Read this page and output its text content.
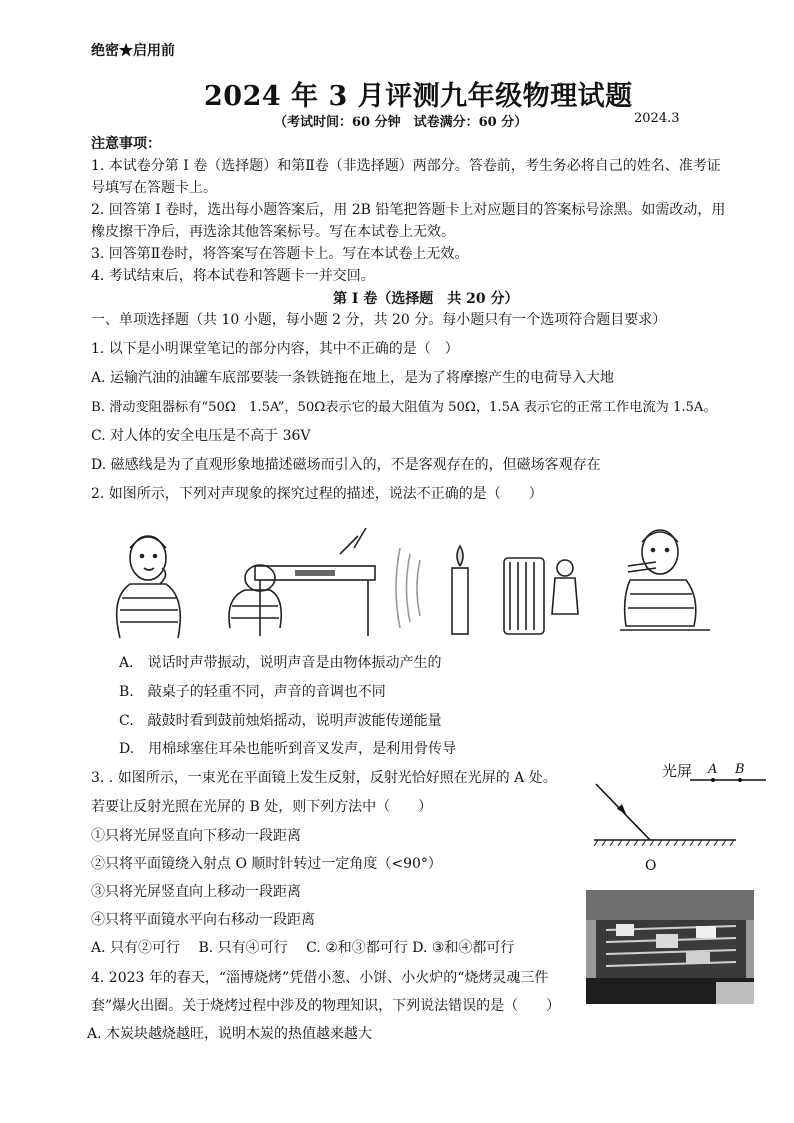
绝密★启用前
2024 年 3 月评测九年级物理试题
（考试时间：60 分钟　试卷满分：60 分）	2024.3
注意事项：
1. 本试卷分第 I 卷（选择题）和第Ⅱ卷（非选择题）两部分。答卷前，考生务必将自己的姓名、准考证
号填写在答题卡上。
2. 回答第 I 卷时，选出每小题答案后，用 2B 铅笔把答题卡上对应题目的答案标号涂黑。如需改动，用
橡皮擦干净后，再选涂其他答案标号。写在本试卷上无效。
3. 回答第Ⅱ卷时，将答案写在答题卡上。写在本试卷上无效。
4. 考试结束后，将本试卷和答题卡一并交回。
第 I 卷（选择题　共 20 分）
一、单项选择题（共 10 小题，每小题 2 分，共 20 分。每小题只有一个选项符合题目要求）
1. 以下是小明课堂笔记的部分内容，其中不正确的是（　）
A. 运输汽油的油罐车底部要装一条铁链拖在地上，是为了将摩擦产生的电荷导入大地
B. 滑动变阻器标有“50Ω　1.5A”，50Ω表示它的最大阻值为 50Ω，1.5A 表示它的正常工作电流为 1.5A。
C. 对人体的安全电压是不高于 36V
D. 磁感线是为了直观形象地描述磁场而引入的，不是客观存在的，但磁场客观存在
2. 如图所示，下列对声现象的探究过程的描述，说法不正确的是（　　）
A.　说话时声带振动，说明声音是由物体振动产生的
B.　敲桌子的轻重不同，声音的音调也不同
C.　敲鼓时看到鼓前烛焰摇动，说明声波能传递能量
D.　用棉球塞住耳朵也能听到音叉发声，是利用骨传导
3. . 如图所示，一束光在平面镜上发生反射，反射光恰好照在光屏的 A 处。
若要让反射光照在光屏的 B 处，则下列方法中（　　）
①只将光屏竖直向下移动一段距离
②只将平面镜绕入射点 O 顺时针转过一定角度（<90°）
③只将光屏竖直向上移动一段距离
④只将平面镜水平向右移动一段距离
A. 只有②可行　 B. 只有④可行　 C. ②和③都可行 D. ③和④都可行
光屏 A B
O
4. 2023 年的春天，“淄博烧烤”凭借小葱、小饼、小火炉的“烧烤灵魂三件
套”爆火出圈。关于烧烤过程中涉及的物理知识，下列说法错误的是（　　）
A. 木炭块越烧越旺，说明木炭的热值越来越大
